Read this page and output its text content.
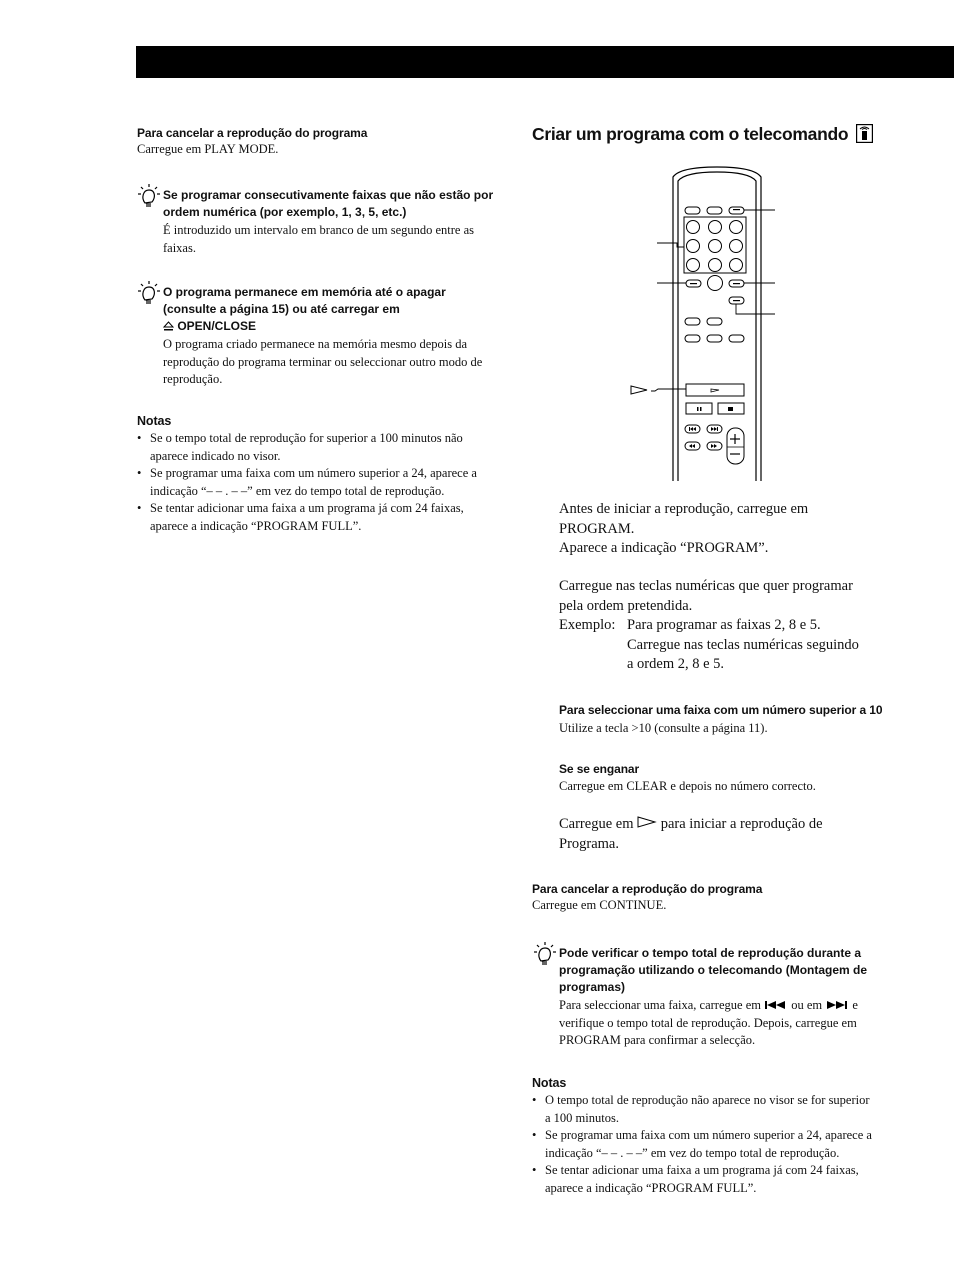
Para cancelar a reprodução do programa
Carregue em PLAY MODE.
Se programar consecutivamente faixas que não estão por ordem numérica (por exemplo, 1, 3, 5, etc.)
É introduzido um intervalo em branco de um segundo entre as faixas.
O programa permanece em memória até o apagar (consulte a página 15) ou até carregar em
OPEN/CLOSE
O programa criado permanece na memória mesmo depois da reprodução do programa terminar ou seleccionar outro modo de reprodução.
Notas
• Se o tempo total de reprodução for superior a 100 minutos não aparece indicado no visor.
• Se programar uma faixa com um número superior a 24, aparece a indicação “– – . – –” em vez do tempo total de reprodução.
• Se tentar adicionar uma faixa a um programa já com 24 faixas, aparece a indicação “PROGRAM FULL”.
Criar um programa com o telecomando
Antes de iniciar a reprodução, carregue em
PROGRAM.
Aparece a indicação “PROGRAM”.
Carregue nas teclas numéricas que quer programar
pela ordem pretendida.
Exemplo: Para programar as faixas 2, 8 e 5.
Carregue nas teclas numéricas seguindo
a ordem 2, 8 e 5.
Para seleccionar uma faixa com um número superior a 10
Utilize a tecla >10 (consulte a página 11).
Se se enganar
Carregue em CLEAR e depois no número correcto.
Carregue em para iniciar a reprodução de
Programa.
Para cancelar a reprodução do programa
Carregue em CONTINUE.
Pode verificar o tempo total de reprodução durante a programação utilizando o telecomando (Montagem de programas)
Para seleccionar uma faixa, carregue em ou em e verifique o tempo total de reprodução. Depois, carregue em PROGRAM para confirmar a selecção.
Notas
• O tempo total de reprodução não aparece no visor se for superior a 100 minutos.
• Se programar uma faixa com um número superior a 24, aparece a indicação “– – . – –” em vez do tempo total de reprodução.
• Se tentar adicionar uma faixa a um programa já com 24 faixas, aparece a indicação “PROGRAM FULL”.
